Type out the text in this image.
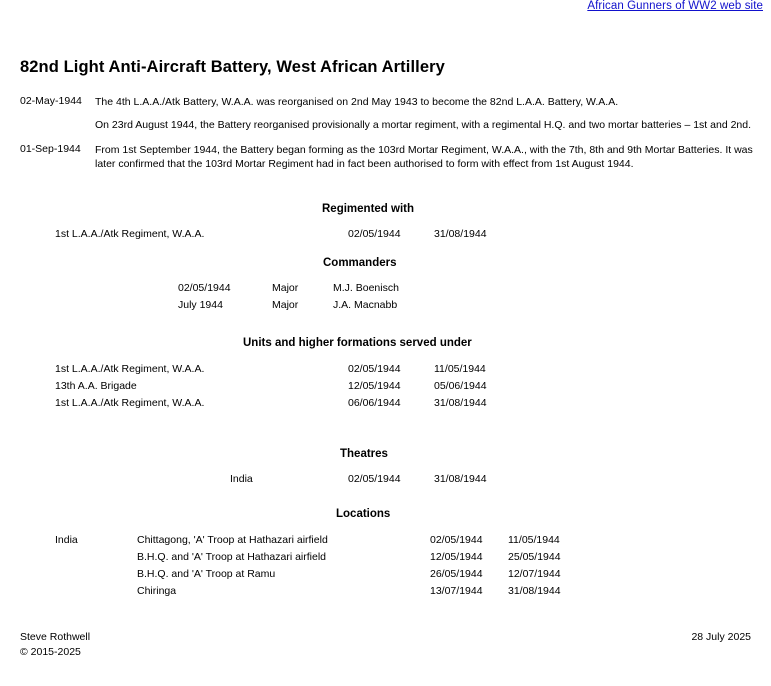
African Gunners of WW2 web site
82nd Light Anti-Aircraft Battery, West African Artillery
02-May-1944	The 4th L.A.A./Atk Battery, W.A.A. was reorganised on 2nd May 1943 to become the 82nd L.A.A. Battery, W.A.A.
On 23rd August 1944, the Battery reorganised provisionally a mortar regiment, with a regimental H.Q. and two mortar batteries – 1st and 2nd.
01-Sep-1944	From 1st September 1944, the Battery began forming as the 103rd Mortar Regiment, W.A.A., with the 7th, 8th and 9th Mortar Batteries. It was later confirmed that the 103rd Mortar Regiment had in fact been authorised to form with effect from 1st August 1944.
Regimented with
1st L.A.A./Atk Regiment, W.A.A.	02/05/1944	31/08/1944
Commanders
02/05/1944	Major	M.J. Boenisch
July 1944	Major	J.A. Macnabb
Units and higher formations served under
1st L.A.A./Atk Regiment, W.A.A.	02/05/1944	11/05/1944
13th A.A. Brigade	12/05/1944	05/06/1944
1st L.A.A./Atk Regiment, W.A.A.	06/06/1944	31/08/1944
Theatres
India	02/05/1944	31/08/1944
Locations
India	Chittagong, 'A' Troop at Hathazari airfield	02/05/1944 11/05/1944
B.H.Q. and 'A' Troop at Hathazari airfield	12/05/1944 25/05/1944
B.H.Q. and 'A' Troop at Ramu	26/05/1944 12/07/1944
Chiringa	13/07/1944 31/08/1944
Steve Rothwell	28 July 2025
© 2015-2025
